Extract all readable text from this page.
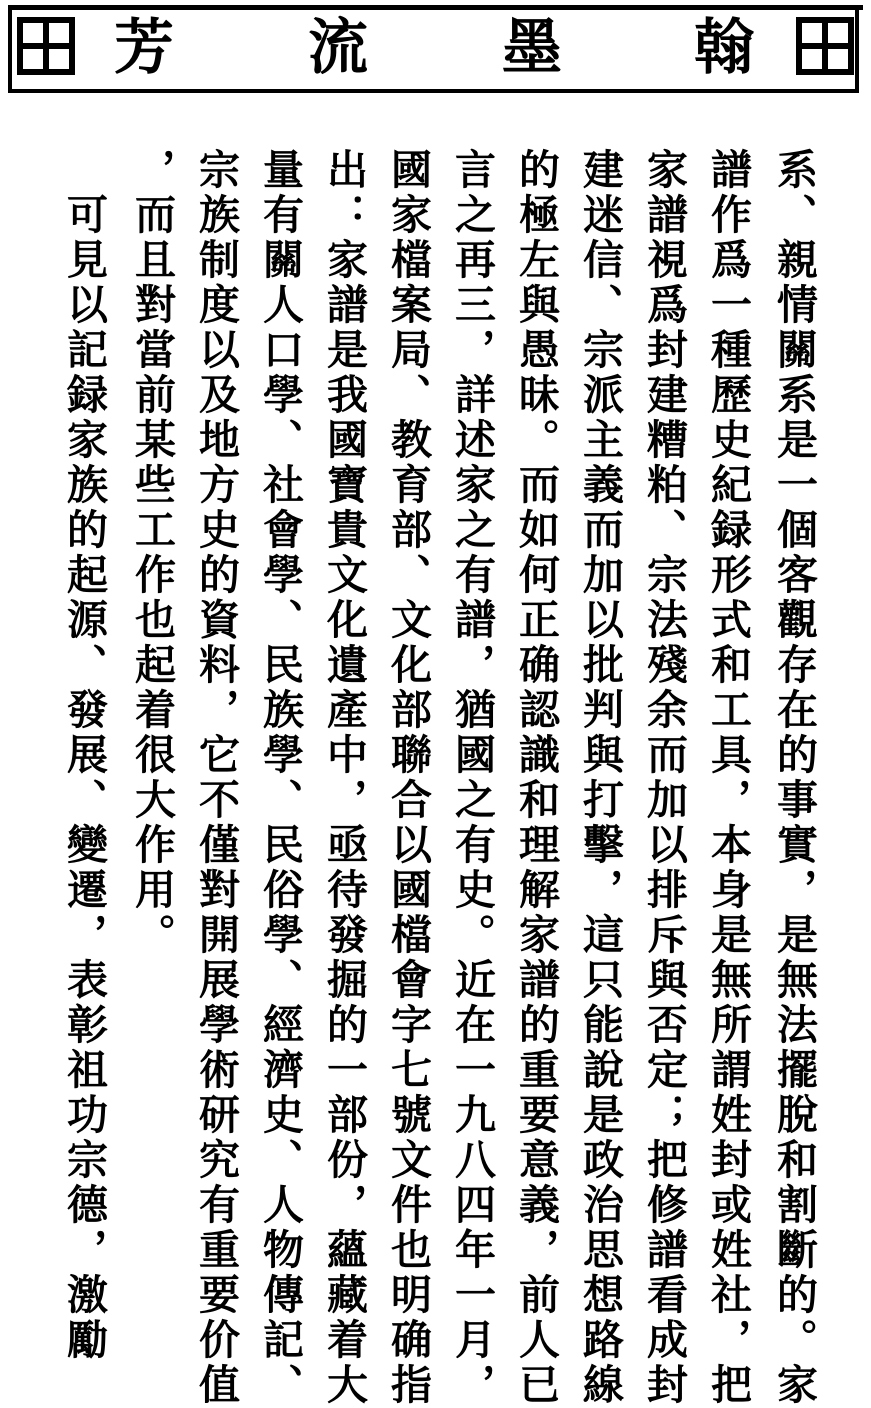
翰
墨
流
芳
系、親情關系是一個客觀存在的事實，是無法擺脫和割斷的。家
譜作爲一種歷史紀録形式和工具，本身是無所謂姓封或姓社，把
家譜視爲封建糟粕、宗法殘余而加以排斥與否定；把修譜看成封
建迷信、宗派主義而加以批判與打擊，這只能說是政治思想路線
的極左與愚昧。而如何正确認識和理解家譜的重要意義，前人已
言之再三，詳述家之有譜，猶國之有史。近在一九八四年一月，
國家檔案局、教育部、文化部聯合以國檔會字七號文件也明确指
出：家譜是我國寶貴文化遺產中，亟待發掘的一部份，蘊藏着大
量有關人口學、社會學、民族學、民俗學、經濟史、人物傳記、
宗族制度以及地方史的資料，它不僅對開展學術研究有重要价值
，而且對當前某些工作也起着很大作用。
　可見以記録家族的起源、發展、變遷，表彰祖功宗德，激勵
